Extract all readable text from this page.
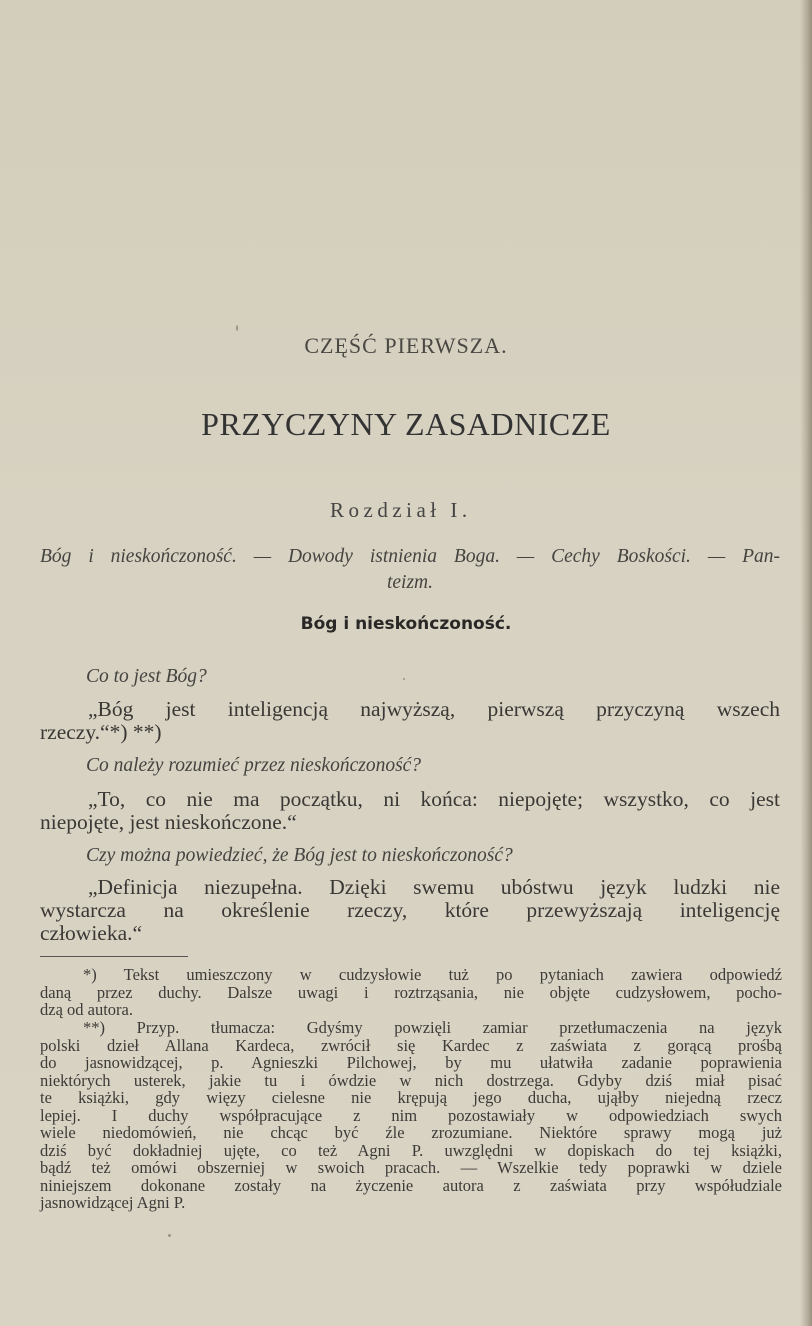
CZĘŚĆ PIERWSZA.
PRZYCZYNY ZASADNICZE
Rozdział I.
Bóg i nieskończoność. — Dowody istnienia Boga. — Cechy Boskości. — Pan-
teizm.
Bóg i nieskończoność.
Co to jest Bóg?
„Bóg jest inteligencją najwyższą, pierwszą przyczyną wszech
rzeczy.“*) **)
Co należy rozumieć przez nieskończoność?
„To, co nie ma początku, ni końca: niepojęte; wszystko, co jest
niepojęte, jest nieskończone.“
Czy można powiedzieć, że Bóg jest to nieskończoność?
„Definicja niezupełna. Dzięki swemu ubóstwu język ludzki nie
wystarcza na określenie rzeczy, które przewyższają inteligencję
człowieka.“
*) Tekst umieszczony w cudzysłowie tuż po pytaniach zawiera odpowiedź
daną przez duchy. Dalsze uwagi i roztrząsania, nie objęte cudzysłowem, pocho-
dzą od autora.
**) Przyp. tłumacza: Gdyśmy powzięli zamiar przetłumaczenia na język
polski dzieł Allana Kardeca, zwrócił się Kardec z zaświata z gorącą prośbą
do jasnowidzącej, p. Agnieszki Pilchowej, by mu ułatwiła zadanie poprawienia
niektórych usterek, jakie tu i ówdzie w nich dostrzega. Gdyby dziś miał pisać
te książki, gdy więzy cielesne nie krępują jego ducha, ująłby niejedną rzecz
lepiej. I duchy współpracujące z nim pozostawiały w odpowiedziach swych
wiele niedomówień, nie chcąc być źle zrozumiane. Niektóre sprawy mogą już
dziś być dokładniej ujęte, co też Agni P. uwzględni w dopiskach do tej książki,
bądź też omówi obszerniej w swoich pracach. — Wszelkie tedy poprawki w dziele
niniejszem dokonane zostały na życzenie autora z zaświata przy współudziale
jasnowidzącej Agni P.
